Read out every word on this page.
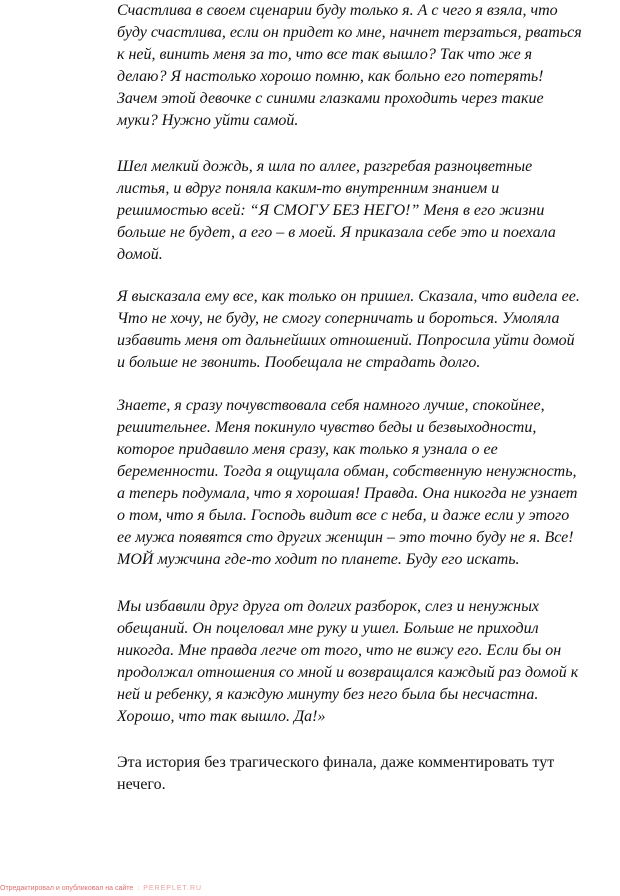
Счастлива в своем сценарии буду только я. А с чего я взяла, что
буду счастлива, если он придет ко мне, начнет терзаться, рваться
к ней, винить меня за то, что все так вышло? Так что же я
делаю? Я настолько хорошо помню, как больно его потерять!
Зачем этой девочке с синими глазками проходить через такие
муки? Нужно уйти самой.

Шел мелкий дождь, я шла по аллее, разгребая разноцветные
листья, и вдруг поняла каким-то внутренним знанием и
решимостью всей: “Я СМОГУ БЕЗ НЕГО!” Меня в его жизни
больше не будет, а его – в моей. Я приказала себе это и поехала
домой.

Я высказала ему все, как только он пришел. Сказала, что видела ее.
Что не хочу, не буду, не смогу соперничать и бороться. Умоляла
избавить меня от дальнейших отношений. Попросила уйти домой
и больше не звонить. Пообещала не страдать долго.

Знаете, я сразу почувствовала себя намного лучше, спокойнее,
решительнее. Меня покинуло чувство беды и безвыходности,
которое придавило меня сразу, как только я узнала о ее
беременности. Тогда я ощущала обман, собственную ненужность,
а теперь подумала, что я хорошая! Правда. Она никогда не узнает
о том, что я была. Господь видит все с неба, и даже если у этого
ее мужа появятся сто других женщин – это точно буду не я. Все!
МОЙ мужчина где-то ходит по планете. Буду его искать.

Мы избавили друг друга от долгих разборок, слез и ненужных
обещаний. Он поцеловал мне руку и ушел. Больше не приходил
никогда. Мне правда легче от того, что не вижу его. Если бы он
продолжал отношения со мной и возвращался каждый раз домой к
ней и ребенку, я каждую минуту без него была бы несчастна.
Хорошо, что так вышло. Да!»

Эта история без трагического финала, даже комментировать тут
нечего.

Отредактировал и опубликовал на сайте : PEREPLET.RU
